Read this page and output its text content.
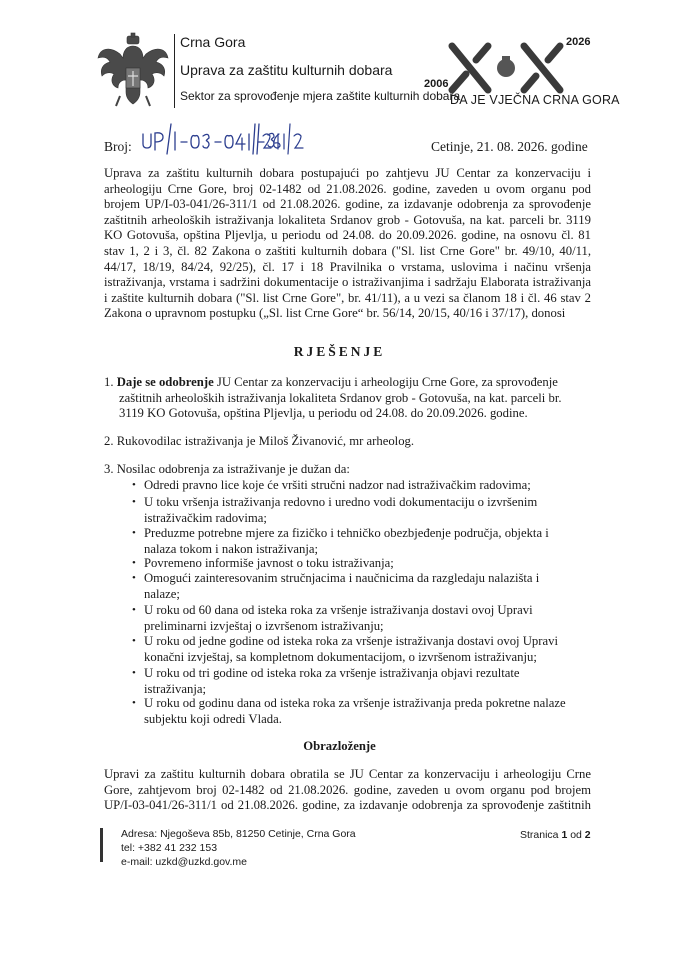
Crna Gora
Uprava za zaštitu kulturnih dobara
Sektor za sprovođenje mjera zaštite kulturnih dobara
2026
2006
DA JE VJEČNA CRNA GORA
Broj:	Cetinje, 21. 08. 2026. godine
Uprava za zaštitu kulturnih dobara postupajući po zahtjevu JU Centar za konzervaciju i
arheologiju Crne Gore, broj 02-1482 od 21.08.2026. godine, zaveden u ovom organu pod
brojem UP/I-03-041/26-311/1 od 21.08.2026. godine, za izdavanje odobrenja za sprovođenje
zaštitnih arheoloških istraživanja lokaliteta Srdanov grob - Gotovuša, na kat. parceli br. 3119
KO Gotovuša, opština Pljevlja, u periodu od 24.08. do 20.09.2026. godine, na osnovu čl. 81
stav 1, 2 i 3, čl. 82 Zakona o zaštiti kulturnih dobara ("Sl. list Crne Gore" br. 49/10, 40/11,
44/17, 18/19, 84/24, 92/25), čl. 17 i 18 Pravilnika o vrstama, uslovima i načinu vršenja
istraživanja, vrstama i sadržini dokumentacije o istraživanjima i sadržaju Elaborata istraživanja
i zaštite kulturnih dobara ("Sl. list Crne Gore", br. 41/11), a u vezi sa članom 18 i čl. 46 stav 2
Zakona o upravnom postupku („Sl. list Crne Gore“ br. 56/14, 20/15, 40/16 i 37/17), donosi
RJEŠENJE
1. Daje se odobrenje JU Centar za konzervaciju i arheologiju Crne Gore, za sprovođenje
zaštitnih arheoloških istraživanja lokaliteta Srdanov grob - Gotovuša, na kat. parceli br.
3119 KO Gotovuša, opština Pljevlja, u periodu od 24.08. do 20.09.2026. godine.
2. Rukovodilac istraživanja je Miloš Živanović, mr arheolog.
3. Nosilac odobrenja za istraživanje je dužan da:
• Odredi pravno lice koje će vršiti stručni nadzor nad istraživačkim radovima;
• U toku vršenja istraživanja redovno i uredno vodi dokumentaciju o izvršenim
istraživačkim radovima;
• Preduzme potrebne mjere za fizičko i tehničko obezbjeđenje područja, objekta i
nalaza tokom i nakon istraživanja;
• Povremeno informiše javnost o toku istraživanja;
• Omogući zainteresovanim stručnjacima i naučnicima da razgledaju nalazišta i
nalaze;
• U roku od 60 dana od isteka roka za vršenje istraživanja dostavi ovoj Upravi
preliminarni izvještaj o izvršenom istraživanju;
• U roku od jedne godine od isteka roka za vršenje istraživanja dostavi ovoj Upravi
konačni izvještaj, sa kompletnom dokumentacijom, o izvršenom istraživanju;
• U roku od tri godine od isteka roka za vršenje istraživanja objavi rezultate
istraživanja;
• U roku od godinu dana od isteka roka za vršenje istraživanja preda pokretne nalaze
subjektu koji odredi Vlada.
Obrazloženje
Upravi za zaštitu kulturnih dobara obratila se JU Centar za konzervaciju i arheologiju Crne
Gore, zahtjevom broj 02-1482 od 21.08.2026. godine, zaveden u ovom organu pod brojem
UP/I-03-041/26-311/1 od 21.08.2026. godine, za izdavanje odobrenja za sprovođenje zaštitnih
Adresa: Njegoševa 85b, 81250 Cetinje, Crna Gora
tel: +382 41 232 153
e-mail: uzkd@uzkd.gov.me
Stranica 1 od 2
